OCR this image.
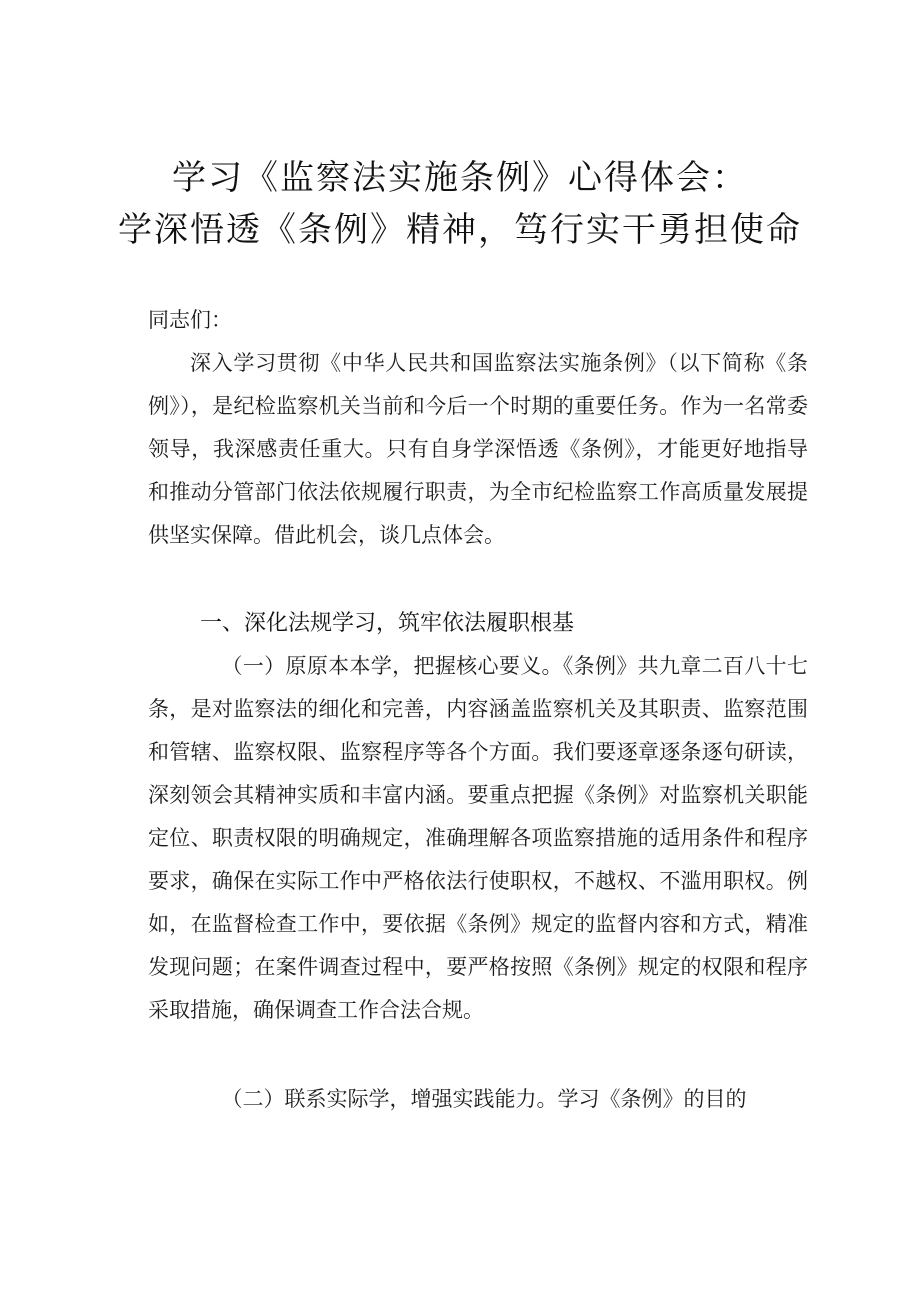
学习《监察法实施条例》心得体会：
学深悟透《条例》精神，笃行实干勇担使命
同志们：
深入学习贯彻《中华人民共和国监察法实施条例》（以下简称《条例》），是纪检监察机关当前和今后一个时期的重要任务。作为一名常委领导，我深感责任重大。只有自身学深悟透《条例》，才能更好地指导和推动分管部门依法依规履行职责，为全市纪检监察工作高质量发展提供坚实保障。借此机会，谈几点体会。
一、深化法规学习，筑牢依法履职根基
（一）原原本本学，把握核心要义。《条例》共九章二百八十七条，是对监察法的细化和完善，内容涵盖监察机关及其职责、监察范围和管辖、监察权限、监察程序等各个方面。我们要逐章逐条逐句研读，深刻领会其精神实质和丰富内涵。要重点把握《条例》对监察机关职能定位、职责权限的明确规定，准确理解各项监察措施的适用条件和程序要求，确保在实际工作中严格依法行使职权，不越权、不滥用职权。例如，在监督检查工作中，要依据《条例》规定的监督内容和方式，精准发现问题；在案件调查过程中，要严格按照《条例》规定的权限和程序采取措施，确保调查工作合法合规。
（二）联系实际学，增强实践能力。学习《条例》的目的
